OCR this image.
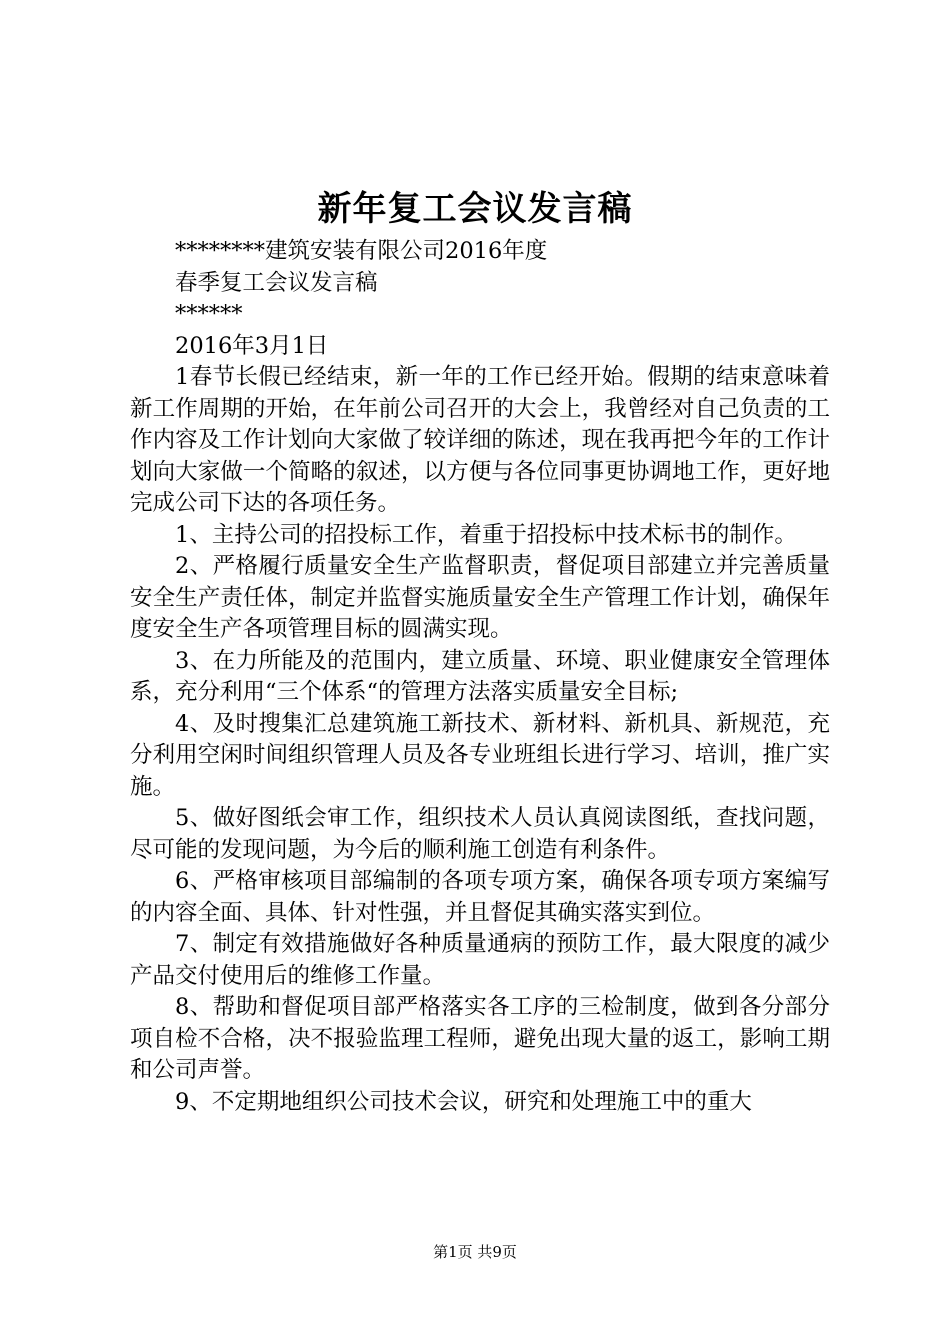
新年复工会议发言稿

********建筑安装有限公司2016年度

春季复工会议发言稿

******

2016年3月1日

1春节长假已经结束，新一年的工作已经开始。假期的结束意味着新工作周期的开始，在年前公司召开的大会上，我曾经对自己负责的工作内容及工作计划向大家做了较详细的陈述，现在我再把今年的工作计划向大家做一个简略的叙述，以方便与各位同事更协调地工作，更好地完成公司下达的各项任务。

1、主持公司的招投标工作，着重于招投标中技术标书的制作。

2、严格履行质量安全生产监督职责，督促项目部建立并完善质量安全生产责任体，制定并监督实施质量安全生产管理工作计划，确保年度安全生产各项管理目标的圆满实现。

3、在力所能及的范围内，建立质量、环境、职业健康安全管理体系，充分利用“三个体系“的管理方法落实质量安全目标;

4、及时搜集汇总建筑施工新技术、新材料、新机具、新规范，充分利用空闲时间组织管理人员及各专业班组长进行学习、培训，推广实施。

5、做好图纸会审工作，组织技术人员认真阅读图纸，查找问题，尽可能的发现问题，为今后的顺利施工创造有利条件。

6、严格审核项目部编制的各项专项方案，确保各项专项方案编写的内容全面、具体、针对性强，并且督促其确实落实到位。

7、制定有效措施做好各种质量通病的预防工作，最大限度的减少产品交付使用后的维修工作量。

8、帮助和督促项目部严格落实各工序的三检制度，做到各分部分项自检不合格，决不报验监理工程师，避免出现大量的返工，影响工期和公司声誉。

9、不定期地组织公司技术会议，研究和处理施工中的重大

第1页 共9页
